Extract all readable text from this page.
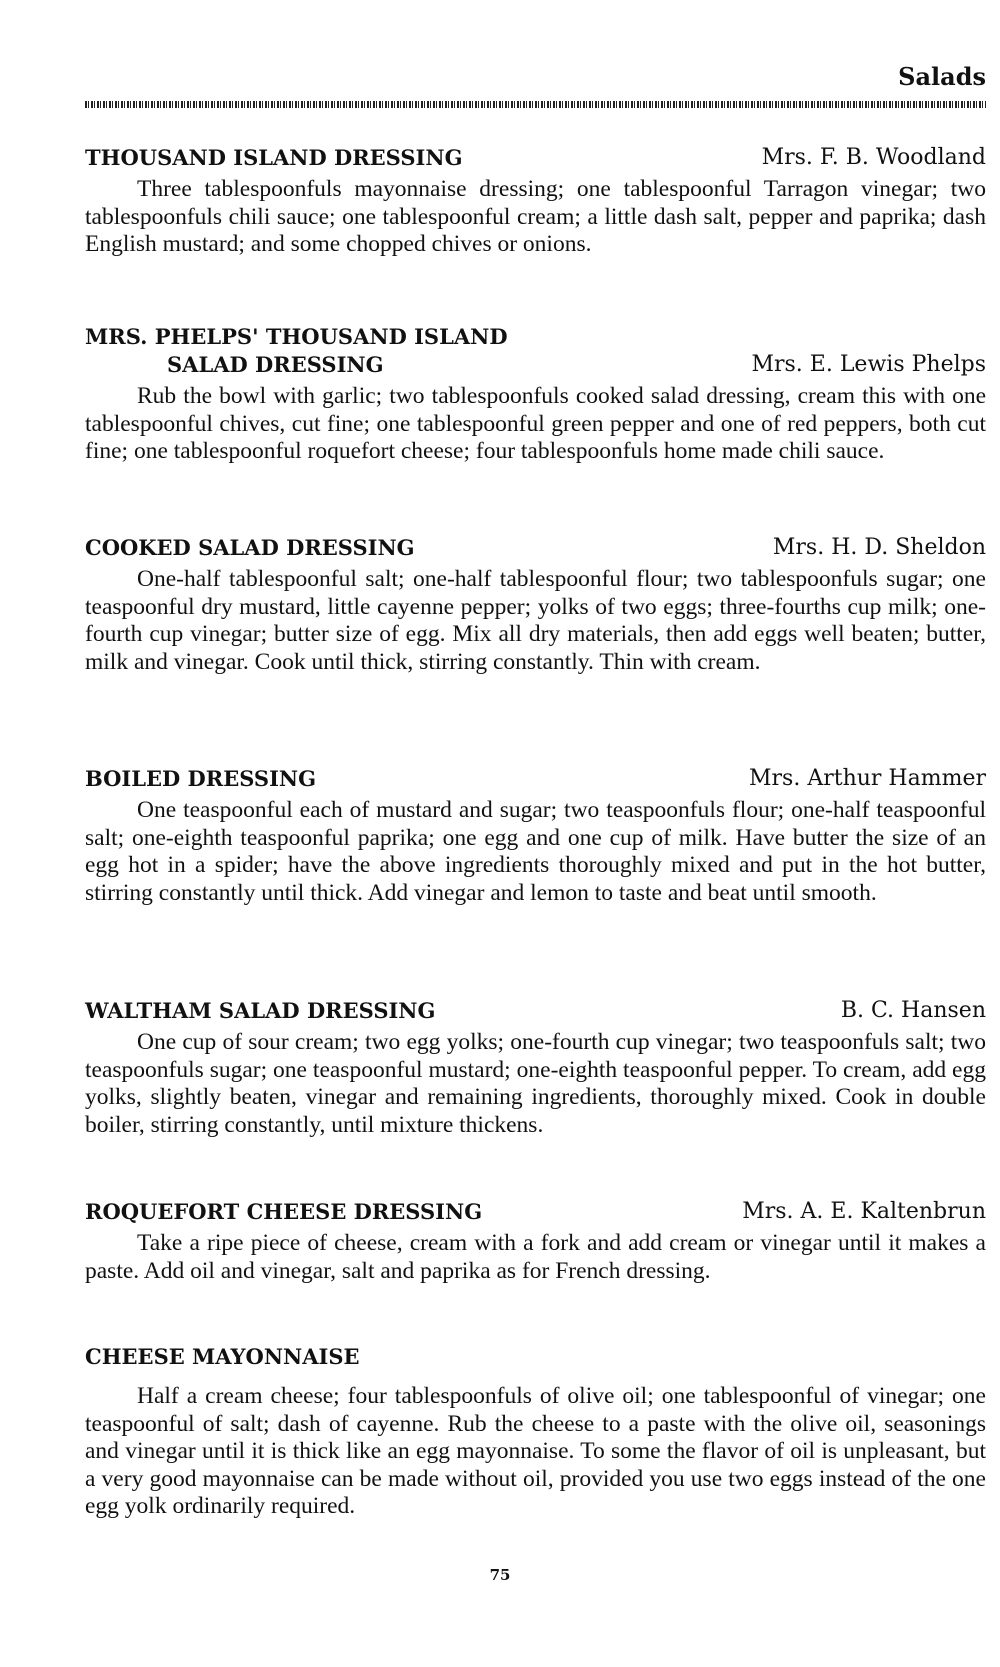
Salads
THOUSAND ISLAND DRESSING	Mrs. F. B. Woodland
Three tablespoonfuls mayonnaise dressing; one tablespoonful Tarragon vinegar; two tablespoonfuls chili sauce; one tablespoonful cream; a little dash salt, pepper and paprika; dash English mustard; and some chopped chives or onions.
MRS. PHELPS' THOUSAND ISLAND
SALAD DRESSING	Mrs. E. Lewis Phelps
Rub the bowl with garlic; two tablespoonfuls cooked salad dressing, cream this with one tablespoonful chives, cut fine; one tablespoonful green pepper and one of red peppers, both cut fine; one tablespoonful roquefort cheese; four tablespoonfuls home made chili sauce.
COOKED SALAD DRESSING	Mrs. H. D. Sheldon
One-half tablespoonful salt; one-half tablespoonful flour; two tablespoonfuls sugar; one teaspoonful dry mustard, little cayenne pepper; yolks of two eggs; three-fourths cup milk; one-fourth cup vinegar; butter size of egg. Mix all dry materials, then add eggs well beaten; butter, milk and vinegar. Cook until thick, stirring constantly. Thin with cream.
BOILED DRESSING	Mrs. Arthur Hammer
One teaspoonful each of mustard and sugar; two teaspoonfuls flour; one-half teaspoonful salt; one-eighth teaspoonful paprika; one egg and one cup of milk. Have butter the size of an egg hot in a spider; have the above ingredients thoroughly mixed and put in the hot butter, stirring constantly until thick. Add vinegar and lemon to taste and beat until smooth.
WALTHAM SALAD DRESSING	B. C. Hansen
One cup of sour cream; two egg yolks; one-fourth cup vinegar; two teaspoonfuls salt; two teaspoonfuls sugar; one teaspoonful mustard; one-eighth teaspoonful pepper. To cream, add egg yolks, slightly beaten, vinegar and remaining ingredients, thoroughly mixed. Cook in double boiler, stirring constantly, until mixture thickens.
ROQUEFORT CHEESE DRESSING	Mrs. A. E. Kaltenbrun
Take a ripe piece of cheese, cream with a fork and add cream or vinegar until it makes a paste. Add oil and vinegar, salt and paprika as for French dressing.
CHEESE MAYONNAISE
Half a cream cheese; four tablespoonfuls of olive oil; one tablespoonful of vinegar; one teaspoonful of salt; dash of cayenne. Rub the cheese to a paste with the olive oil, seasonings and vinegar until it is thick like an egg mayonnaise. To some the flavor of oil is unpleasant, but a very good mayonnaise can be made without oil, provided you use two eggs instead of the one egg yolk ordinarily required.
75
